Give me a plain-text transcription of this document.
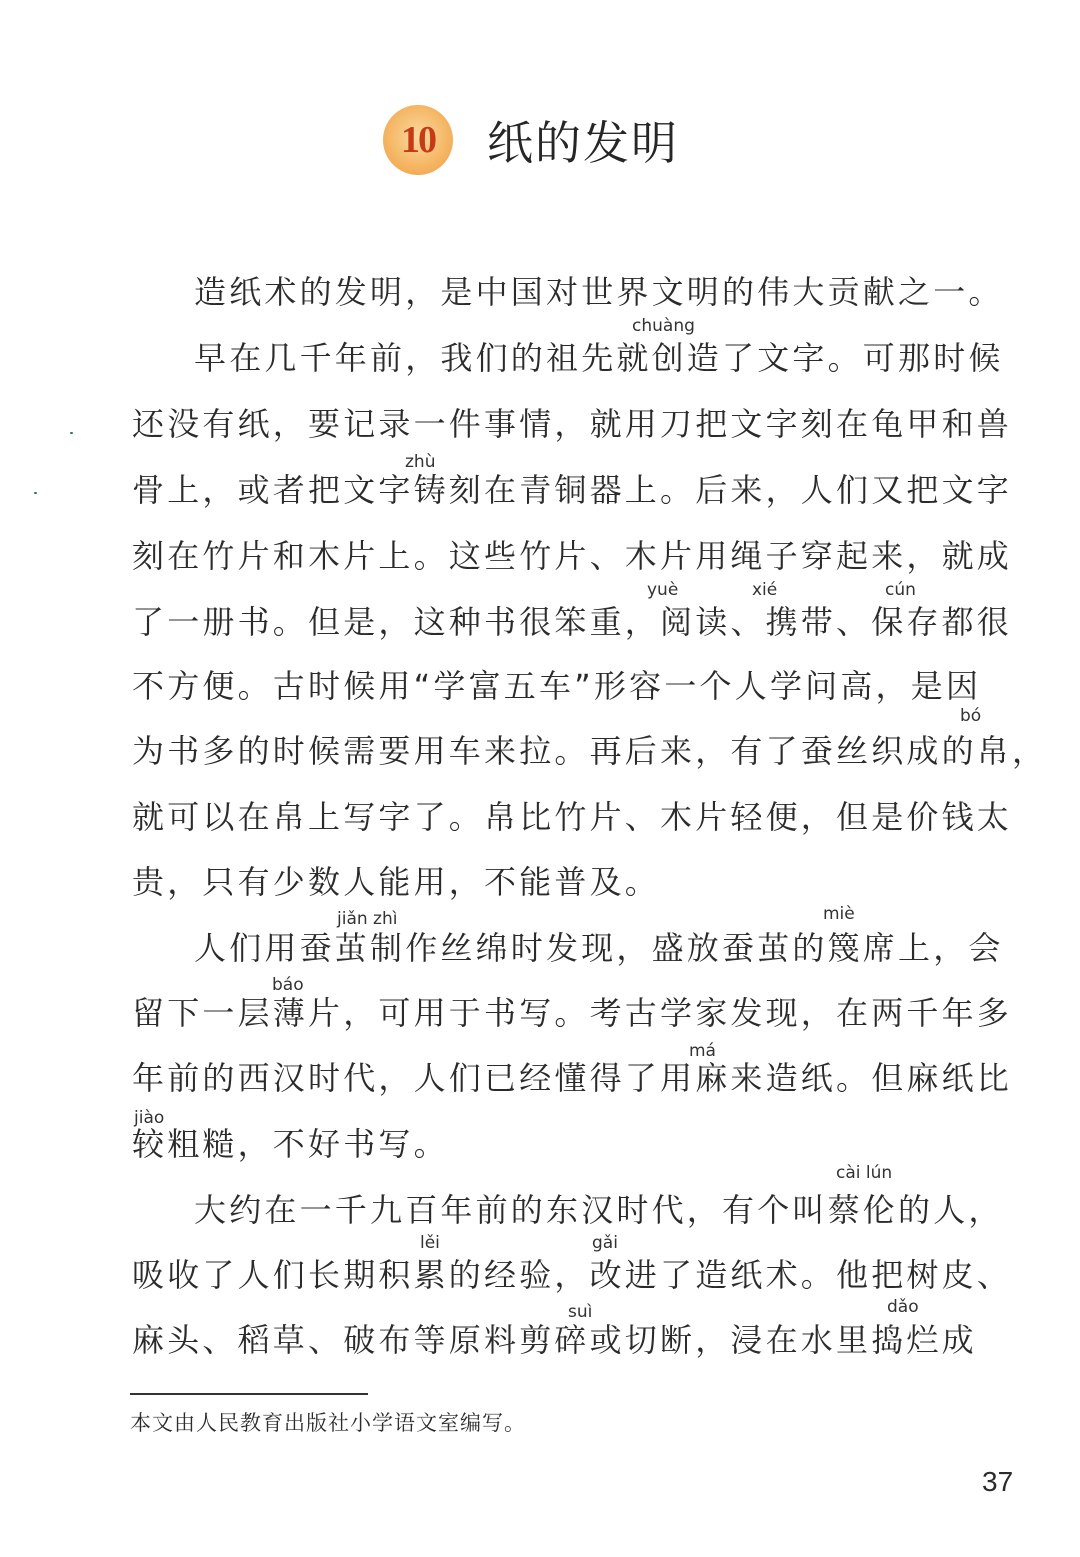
10	纸的发明
chuàng
zhù
yuè	xié	cún
bó
jiǎn zhì	miè
báo
má
jiào
cài lún
lěi	gǎi
suì	dǎo
造纸术的发明，是中国对世界文明的伟大贡献之一。
早在几千年前，我们的祖先就创造了文字。可那时候
还没有纸，要记录一件事情，就用刀把文字刻在龟甲和兽
骨上，或者把文字铸刻在青铜器上。后来，人们又把文字
刻在竹片和木片上。这些竹片、木片用绳子穿起来，就成
了一册书。但是，这种书很笨重，阅读、携带、保存都很
不方便。古时候用“学富五车”形容一个人学问高，是因
为书多的时候需要用车来拉。再后来，有了蚕丝织成的帛，
就可以在帛上写字了。帛比竹片、木片轻便，但是价钱太
贵，只有少数人能用，不能普及。
人们用蚕茧制作丝绵时发现，盛放蚕茧的篾席上，会
留下一层薄片，可用于书写。考古学家发现，在两千年多
年前的西汉时代，人们已经懂得了用麻来造纸。但麻纸比
较粗糙，不好书写。
大约在一千九百年前的东汉时代，有个叫蔡伦的人，
吸收了人们长期积累的经验，改进了造纸术。他把树皮、
麻头、稻草、破布等原料剪碎或切断，浸在水里捣烂成
本文由人民教育出版社小学语文室编写。
37
